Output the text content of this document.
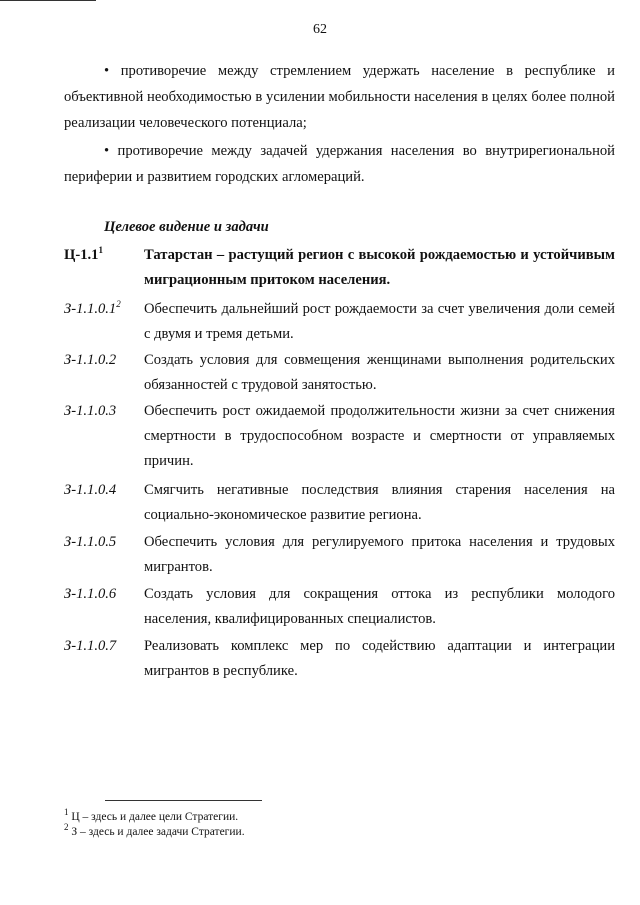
62
• противоречие между стремлением удержать население в республике и объективной необходимостью в усилении мобильности населения в целях более полной реализации человеческого потенциала;
• противоречие между задачей удержания населения во внутрирегиональной периферии и развитием городских агломераций.
Целевое видение и задачи
$Ц-1.1^1$	Татарстан – растущий регион с высокой рождаемостью и устойчивым миграционным притоком населения.
З-1.1.0.1$^2$	Обеспечить дальнейший рост рождаемости за счет увеличения доли семей с двумя и тремя детьми.
З-1.1.0.2	Создать условия для совмещения женщинами выполнения родительских обязанностей с трудовой занятостью.
З-1.1.0.3	Обеспечить рост ожидаемой продолжительности жизни за счет снижения смертности в трудоспособном возрасте и смертности от управляемых причин.
З-1.1.0.4	Смягчить негативные последствия влияния старения населения на социально-экономическое развитие региона.
З-1.1.0.5	Обеспечить условия для регулируемого притока населения и трудовых мигрантов.
З-1.1.0.6	Создать условия для сокращения оттока из республики молодого населения, квалифицированных специалистов.
З-1.1.0.7	Реализовать комплекс мер по содействию адаптации и интеграции мигрантов в республике.
$^1$ Ц – здесь и далее цели Стратегии.
$^2$ З – здесь и далее задачи Стратегии.
